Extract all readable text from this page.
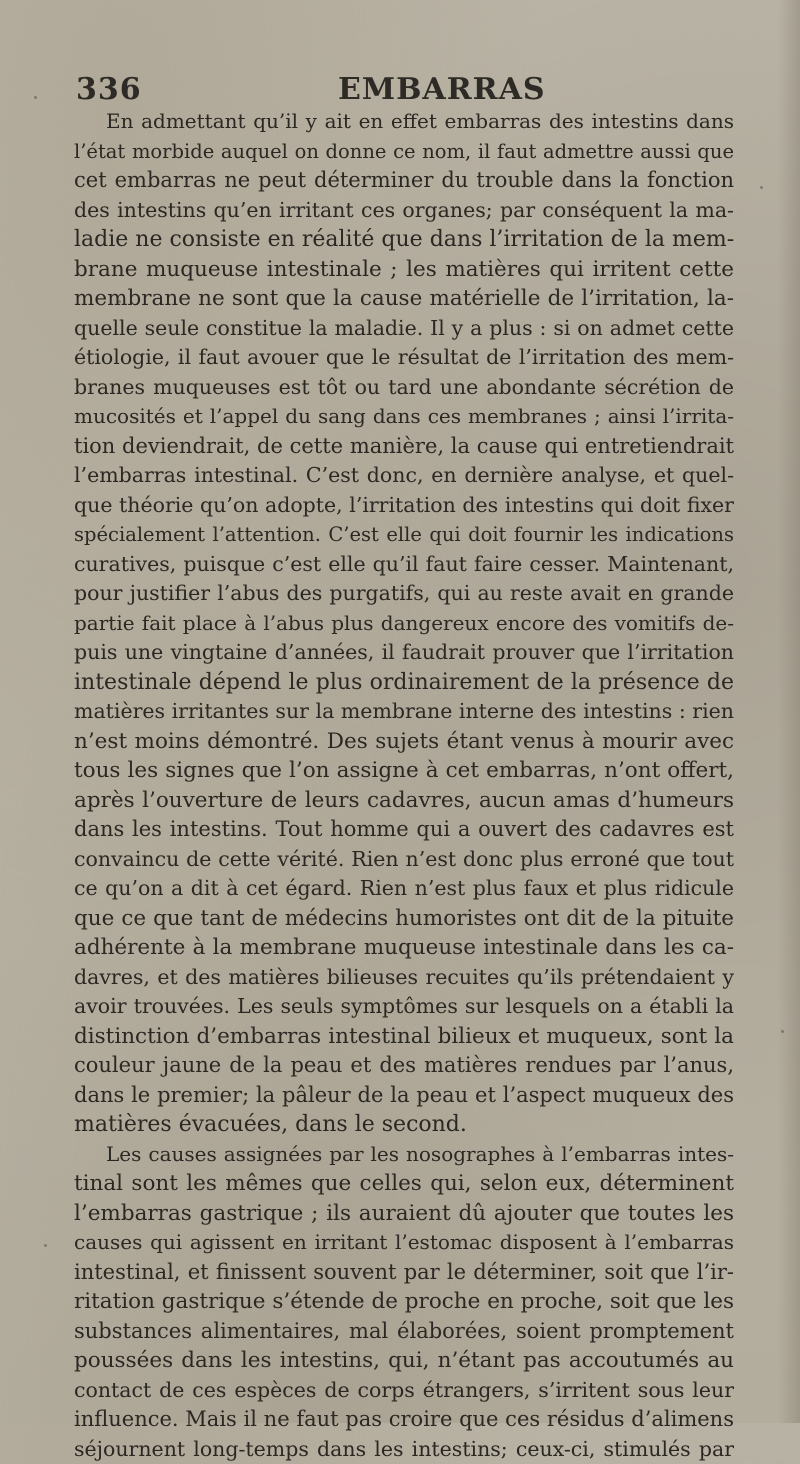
336	EMBARRAS
En admettant qu’il y ait en effet embarras des intestins dans
l’état morbide auquel on donne ce nom, il faut admettre aussi que
cet embarras ne peut déterminer du trouble dans la fonction
des intestins qu’en irritant ces organes; par conséquent la ma-
ladie ne consiste en réalité que dans l’irritation de la mem-
brane muqueuse intestinale ; les matières qui irritent cette
membrane ne sont que la cause matérielle de l’irritation, la-
quelle seule constitue la maladie. Il y a plus : si on admet cette
étiologie, il faut avouer que le résultat de l’irritation des mem-
branes muqueuses est tôt ou tard une abondante sécrétion de
mucosités et l’appel du sang dans ces membranes ; ainsi l’irrita-
tion deviendrait, de cette manière, la cause qui entretiendrait
l’embarras intestinal. C’est donc, en dernière analyse, et quel-
que théorie qu’on adopte, l’irritation des intestins qui doit fixer
spécialement l’attention. C’est elle qui doit fournir les indications
curatives, puisque c’est elle qu’il faut faire cesser. Maintenant,
pour justifier l’abus des purgatifs, qui au reste avait en grande
partie fait place à l’abus plus dangereux encore des vomitifs de-
puis une vingtaine d’années, il faudrait prouver que l’irritation
intestinale dépend le plus ordinairement de la présence de
matières irritantes sur la membrane interne des intestins : rien
n’est moins démontré. Des sujets étant venus à mourir avec
tous les signes que l’on assigne à cet embarras, n’ont offert,
après l’ouverture de leurs cadavres, aucun amas d’humeurs
dans les intestins. Tout homme qui a ouvert des cadavres est
convaincu de cette vérité. Rien n’est donc plus erroné que tout
ce qu’on a dit à cet égard. Rien n’est plus faux et plus ridicule
que ce que tant de médecins humoristes ont dit de la pituite
adhérente à la membrane muqueuse intestinale dans les ca-
davres, et des matières bilieuses recuites qu’ils prétendaient y
avoir trouvées. Les seuls symptômes sur lesquels on a établi la
distinction d’embarras intestinal bilieux et muqueux, sont la
couleur jaune de la peau et des matières rendues par l’anus,
dans le premier; la pâleur de la peau et l’aspect muqueux des
matières évacuées, dans le second.
Les causes assignées par les nosographes à l’embarras intes-
tinal sont les mêmes que celles qui, selon eux, déterminent
l’embarras gastrique ; ils auraient dû ajouter que toutes les
causes qui agissent en irritant l’estomac disposent à l’embarras
intestinal, et finissent souvent par le déterminer, soit que l’ir-
ritation gastrique s’étende de proche en proche, soit que les
substances alimentaires, mal élaborées, soient promptement
poussées dans les intestins, qui, n’étant pas accoutumés au
contact de ces espèces de corps étrangers, s’irritent sous leur
influence. Mais il ne faut pas croire que ces résidus d’alimens
séjournent long-temps dans les intestins; ceux-ci, stimulés par
